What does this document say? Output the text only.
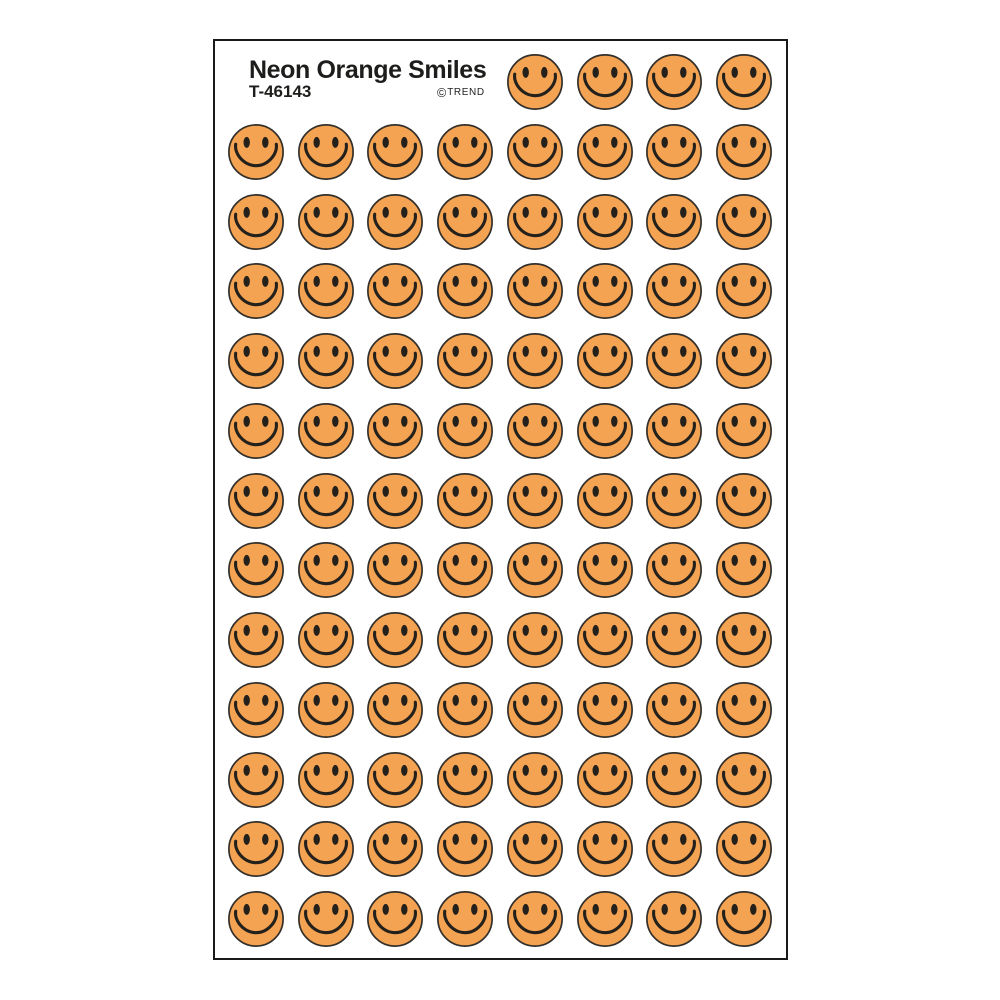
Neon Orange Smiles
T-46143	© TREND
